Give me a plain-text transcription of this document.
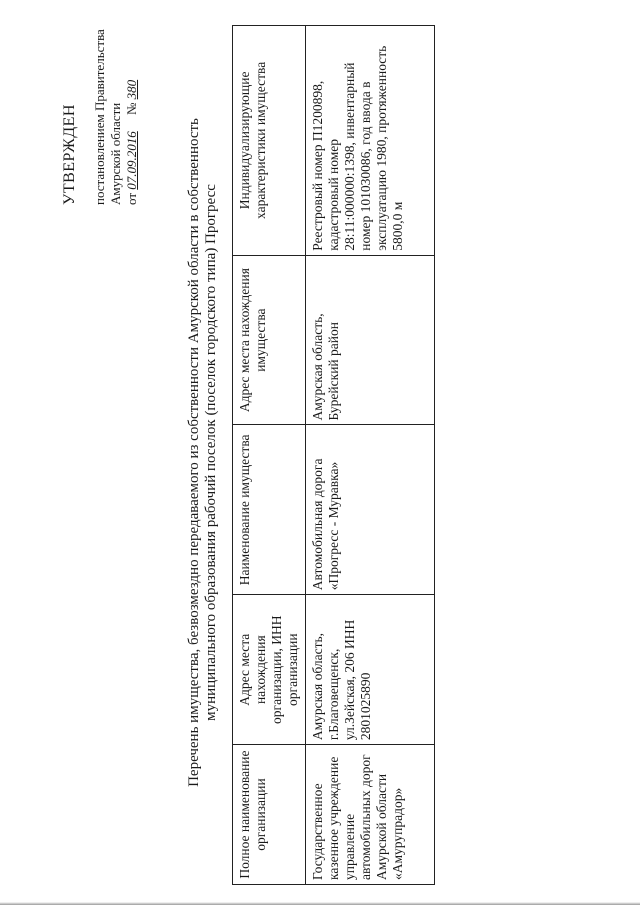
УТВЕРЖДЕН постановлением Правительства Амурской области от 07.09.2016     № 380
Перечень имущества, безвозмездно передаваемого из собственности Амурской области в собственность муниципального образования рабочий поселок (поселок городского типа) Прогресс
Полное наименование организации	Адрес места нахождения организации, ИНН организации	Наименование имущества	Адрес места нахождения имущества	Индивидуализирующие характеристики имущества
Государственное казенное учреждение управление автомобильных дорог Амурской области «Амурупрадор»	Амурская область, г.Благовещенск, ул.Зейская, 206 ИНН 2801025890	Автомобильная дорога «Прогресс - Муравка»	Амурская область, Бурейский район	Реестровый номер П1200898, кадастровый номер 28:11:000000:1398, инвентарный номер 101030086, год ввода в эксплуатацию 1980, протяженность 5800,0 м
